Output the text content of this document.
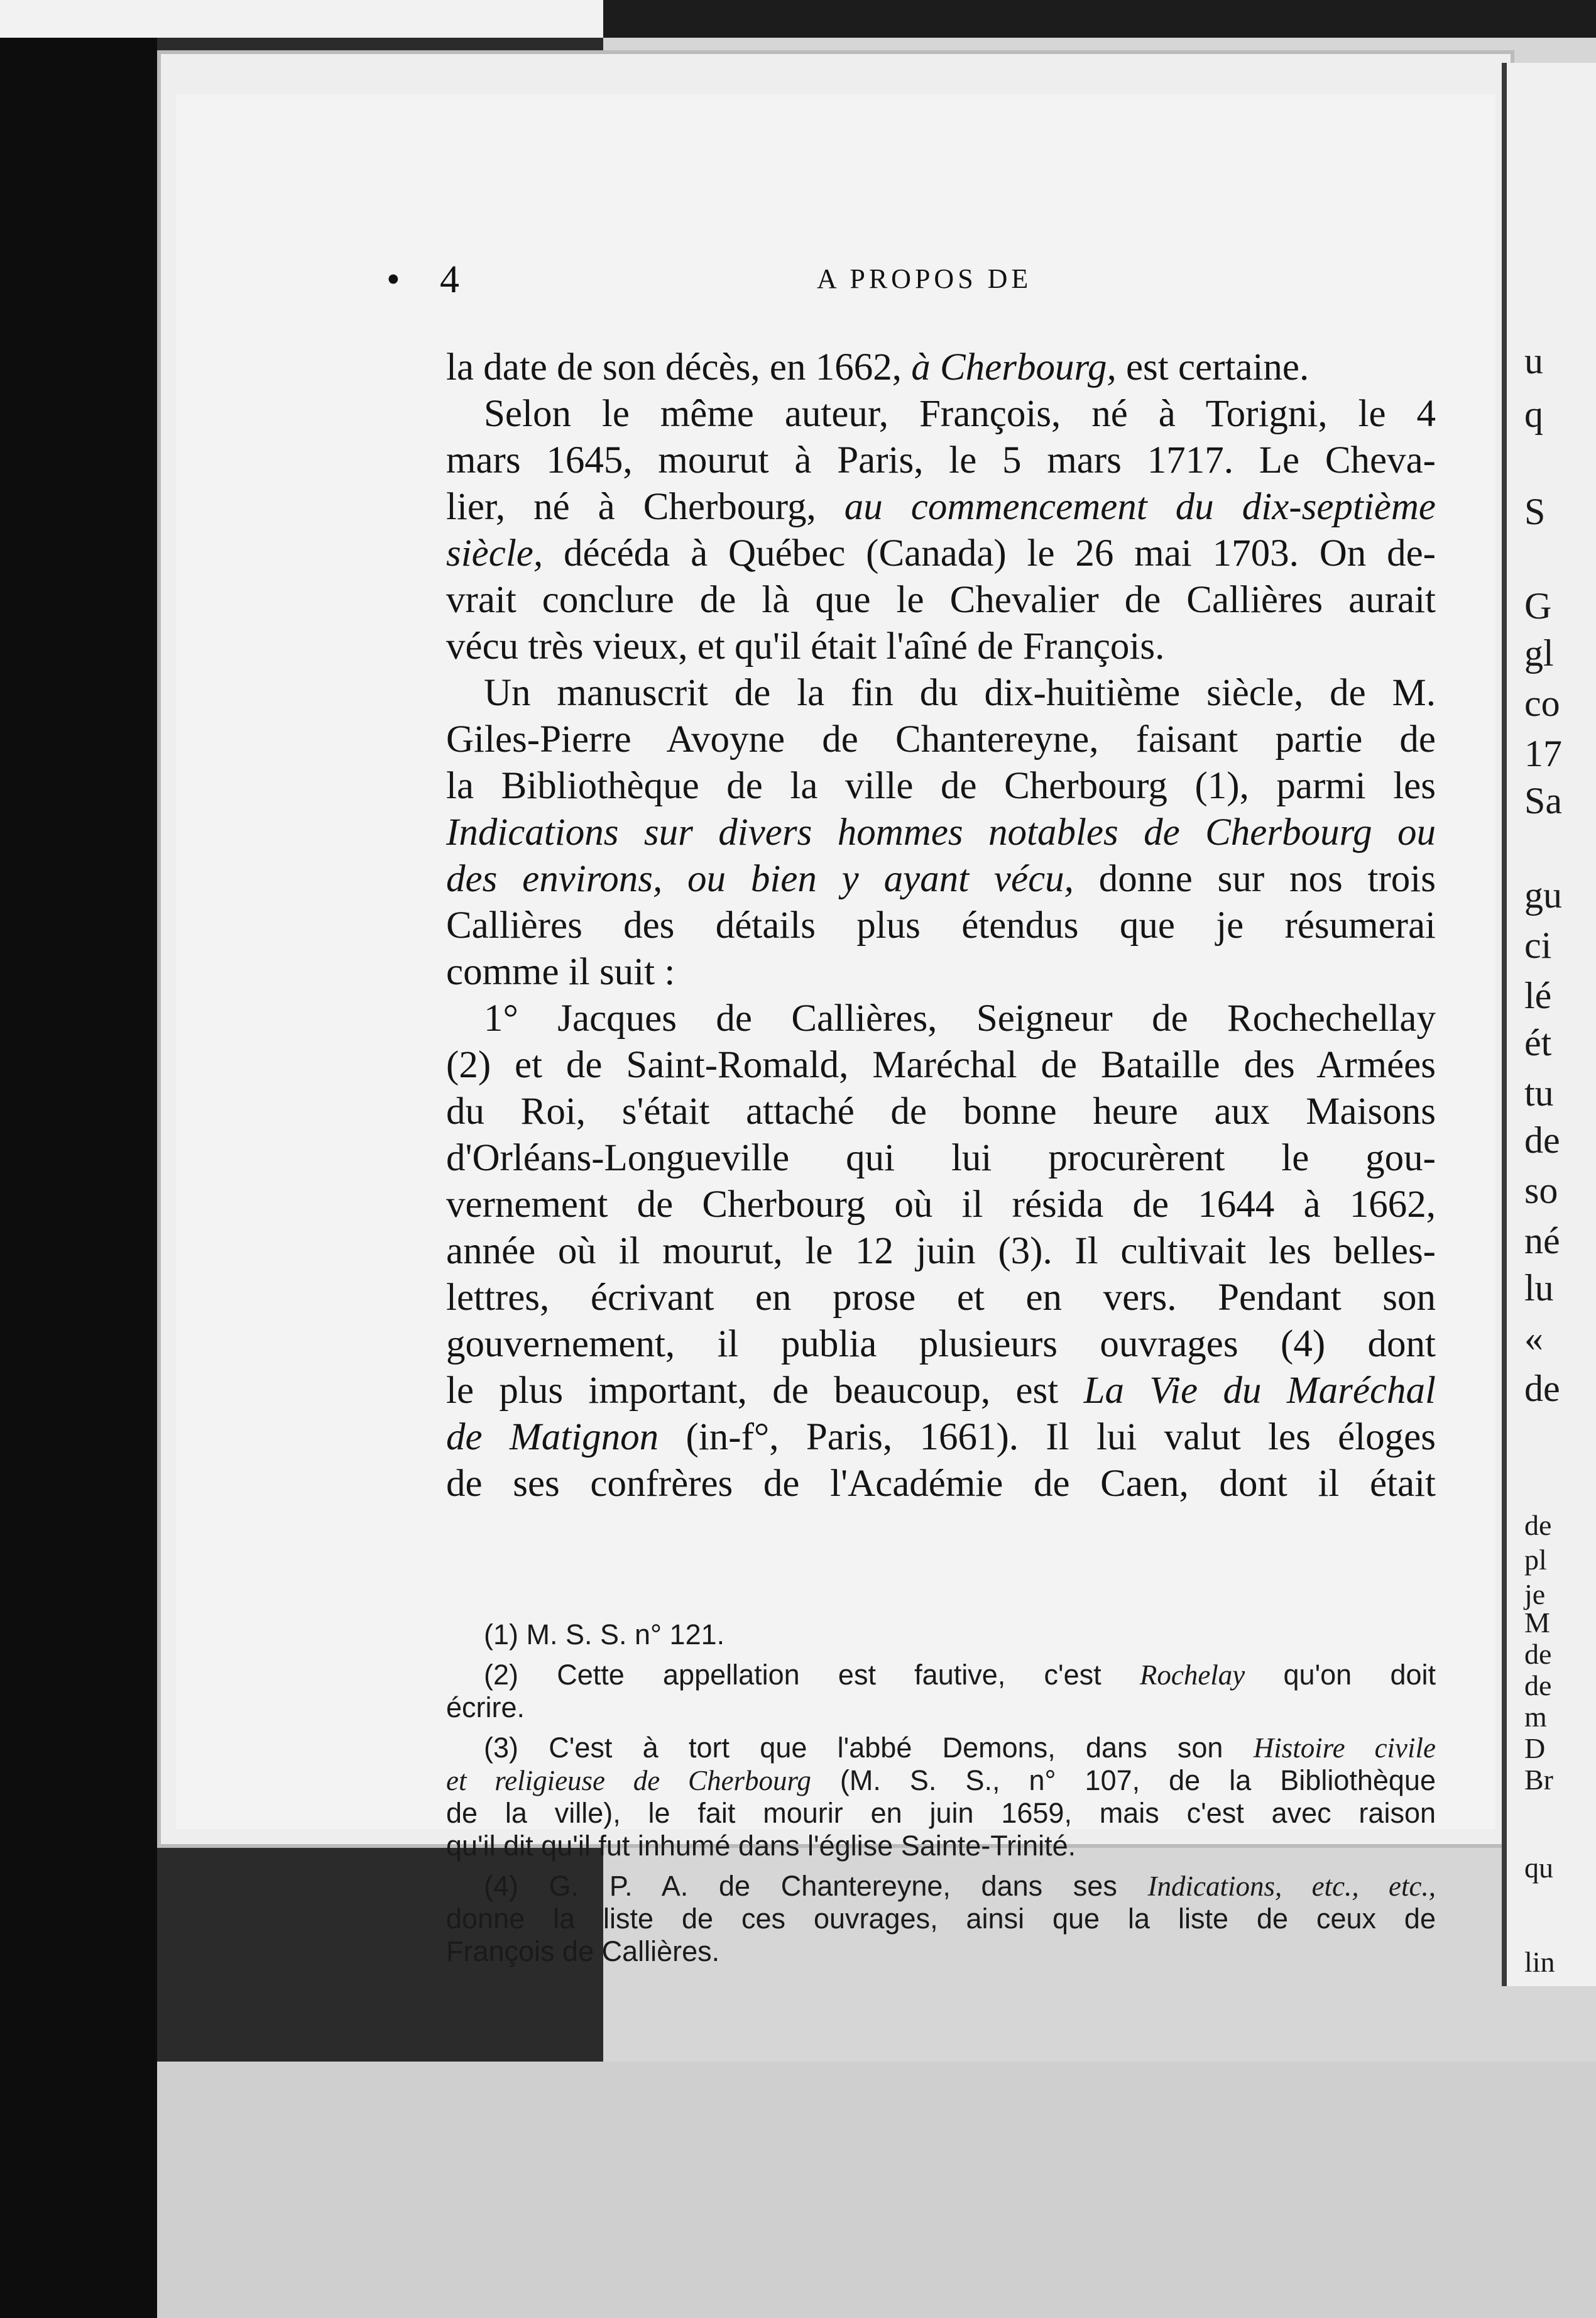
u
q
S
G
gl
co
17
Sa
gu
ci
lé
ét
tu
de
so
né
lu
«
de
de
pl
je
M
de
de
m
D
Br
qu
lin
• 4	A PROPOS DE

la date de son décès, en 1662, à Cherbourg, est certaine.

Selon le même auteur, François, né à Torigni, le 4
mars 1645, mourut à Paris, le 5 mars 1717. Le Cheva-
lier, né à Cherbourg, au commencement du dix-septième
siècle, décéda à Québec (Canada) le 26 mai 1703. On de-
vrait conclure de là que le Chevalier de Callières aurait
vécu très vieux, et qu'il était l'aîné de François.

Un manuscrit de la fin du dix-huitième siècle, de M.
Giles-Pierre Avoyne de Chantereyne, faisant partie de
la Bibliothèque de la ville de Cherbourg (1), parmi les
Indications sur divers hommes notables de Cherbourg ou
des environs, ou bien y ayant vécu, donne sur nos trois
Callières des détails plus étendus que je résumerai
comme il suit :

1° Jacques de Callières, Seigneur de Rochechellay
(2) et de Saint-Romald, Maréchal de Bataille des Armées
du Roi, s'était attaché de bonne heure aux Maisons
d'Orléans-Longueville qui lui procurèrent le gou-
vernement de Cherbourg où il résida de 1644 à 1662,
année où il mourut, le 12 juin (3). Il cultivait les belles-
lettres, écrivant en prose et en vers. Pendant son
gouvernement, il publia plusieurs ouvrages (4) dont
le plus important, de beaucoup, est La Vie du Maréchal
de Matignon (in-f°, Paris, 1661). Il lui valut les éloges
de ses confrères de l'Académie de Caen, dont il était

(1) M. S. S. n° 121.

(2) Cette appellation est fautive, c'est Rochelay qu'on doit
écrire.

(3) C'est à tort que l'abbé Demons, dans son Histoire civile
et religieuse de Cherbourg (M. S. S., n° 107, de la Bibliothèque
de la ville), le fait mourir en juin 1659, mais c'est avec raison
qu'il dit qu'il fut inhumé dans l'église Sainte-Trinité.

(4) G. P. A. de Chantereyne, dans ses Indications, etc., etc.,
donne la liste de ces ouvrages, ainsi que la liste de ceux de
François de Callières.
